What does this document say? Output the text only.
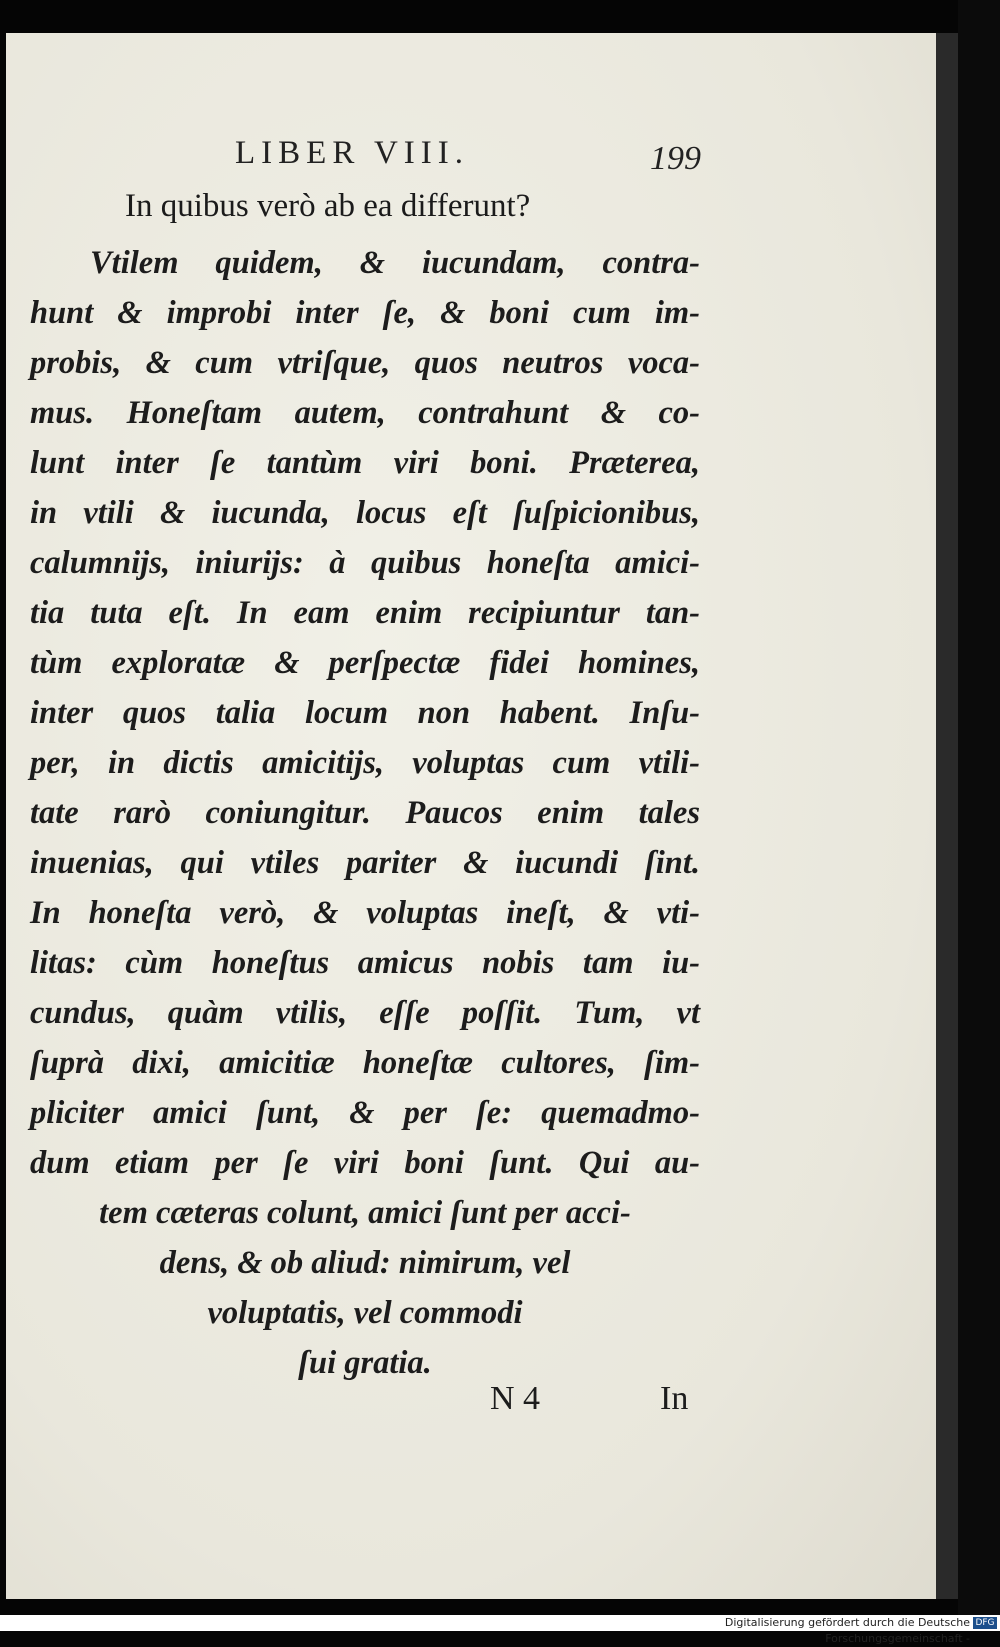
LIBER VIII.	199
In quibus verò ab ea differunt?
Vtilem quidem, & iucundam, contra-
hunt & improbi inter ſe, & boni cum im-
probis, & cum vtriſque, quos neutros voca-
mus. Honeſtam autem, contrahunt & co-
lunt inter ſe tantùm viri boni. Præterea,
in vtili & iucunda, locus eſt ſuſpicionibus,
calumnijs, iniurijs: à quibus honeſta amici-
tia tuta eſt. In eam enim recipiuntur tan-
tùm exploratæ & perſpectæ fidei homines,
inter quos talia locum non habent. Inſu-
per, in dictis amicitijs, voluptas cum vtili-
tate rarò coniungitur. Paucos enim tales
inuenias, qui vtiles pariter & iucundi ſint.
In honeſta verò, & voluptas ineſt, & vti-
litas: cùm honeſtus amicus nobis tam iu-
cundus, quàm vtilis, eſſe poſſit. Tum, vt
ſuprà dixi, amicitiæ honeſtæ cultores, ſim-
pliciter amici ſunt, & per ſe: quemadmo-
dum etiam per ſe viri boni ſunt. Qui au-
tem cæteras colunt, amici ſunt per acci-
dens, & ob aliud: nimirum, vel
voluptatis, vel commodi
ſui gratia.
N 4	In
Digitalisierung gefördert durch die Deutsche Forschungsgemeinschaft -
DFG
